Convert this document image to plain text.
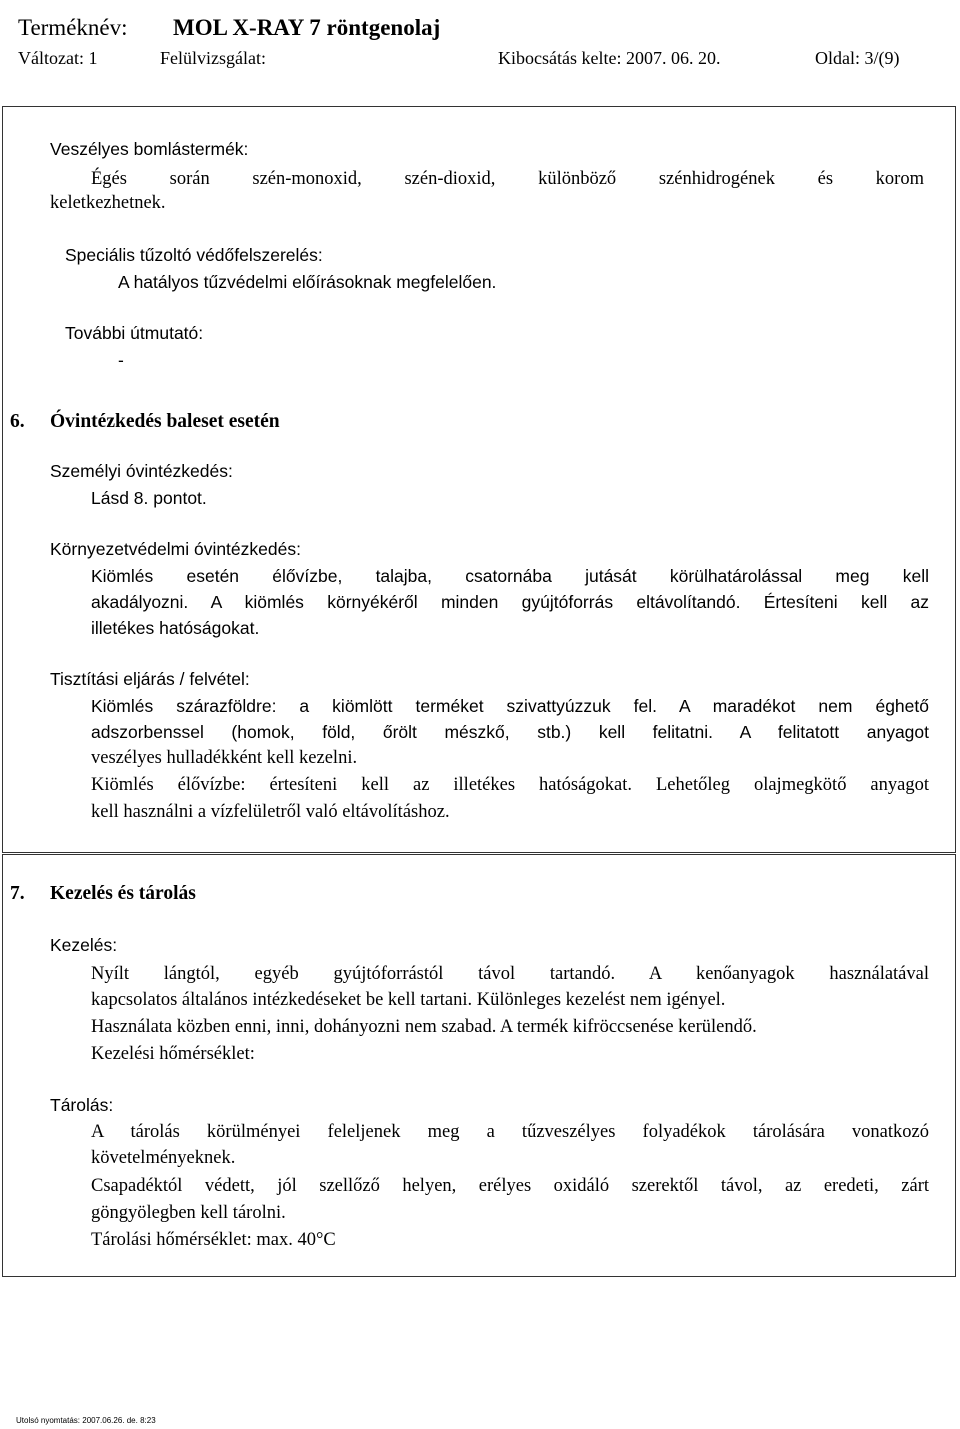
Terméknév: MOL X-RAY 7 röntgenolaj
Változat: 1	Felülvizsgálat:	Kibocsátás kelte: 2007. 06. 20.	Oldal: 3/(9)
Veszélyes bomlástermék:
Égés során szén-monoxid, szén-dioxid, különböző szénhidrogének és korom
keletkezhetnek.
Speciális tűzoltó védőfelszerelés:
A hatályos tűzvédelmi előírásoknak megfelelően.
További útmutató:
-
6. Óvintézkedés baleset esetén
Személyi óvintézkedés:
Lásd 8. pontot.
Környezetvédelmi óvintézkedés:
Kiömlés esetén élővízbe, talajba, csatornába jutását körülhatárolással meg kell
akadályozni. A kiömlés környékéről minden gyújtóforrás eltávolítandó. Értesíteni kell az
illetékes hatóságokat.
Tisztítási eljárás / felvétel:
Kiömlés szárazföldre: a kiömlött terméket szivattyúzzuk fel. A maradékot nem éghető
adszorbenssel (homok, föld, őrölt mészkő, stb.) kell felitatni. A felitatott anyagot
veszélyes hulladékként kell kezelni.
Kiömlés élővízbe: értesíteni kell az illetékes hatóságokat. Lehetőleg olajmegkötő anyagot
kell használni a vízfelületről való eltávolításhoz.
7. Kezelés és tárolás
Kezelés:
Nyílt lángtól, egyéb gyújtóforrástól távol tartandó. A kenőanyagok használatával
kapcsolatos általános intézkedéseket be kell tartani. Különleges kezelést nem igényel.
Használata közben enni, inni, dohányozni nem szabad. A termék kifröccsenése kerülendő.
Kezelési hőmérséklet:
Tárolás:
A tárolás körülményei feleljenek meg a tűzveszélyes folyadékok tárolására vonatkozó
követelményeknek.
Csapadéktól védett, jól szellőző helyen, erélyes oxidáló szerektől távol, az eredeti, zárt
göngyölegben kell tárolni.
Tárolási hőmérséklet: max. 40°C
Utolsó nyomtatás: 2007.06.26. de. 8:23
